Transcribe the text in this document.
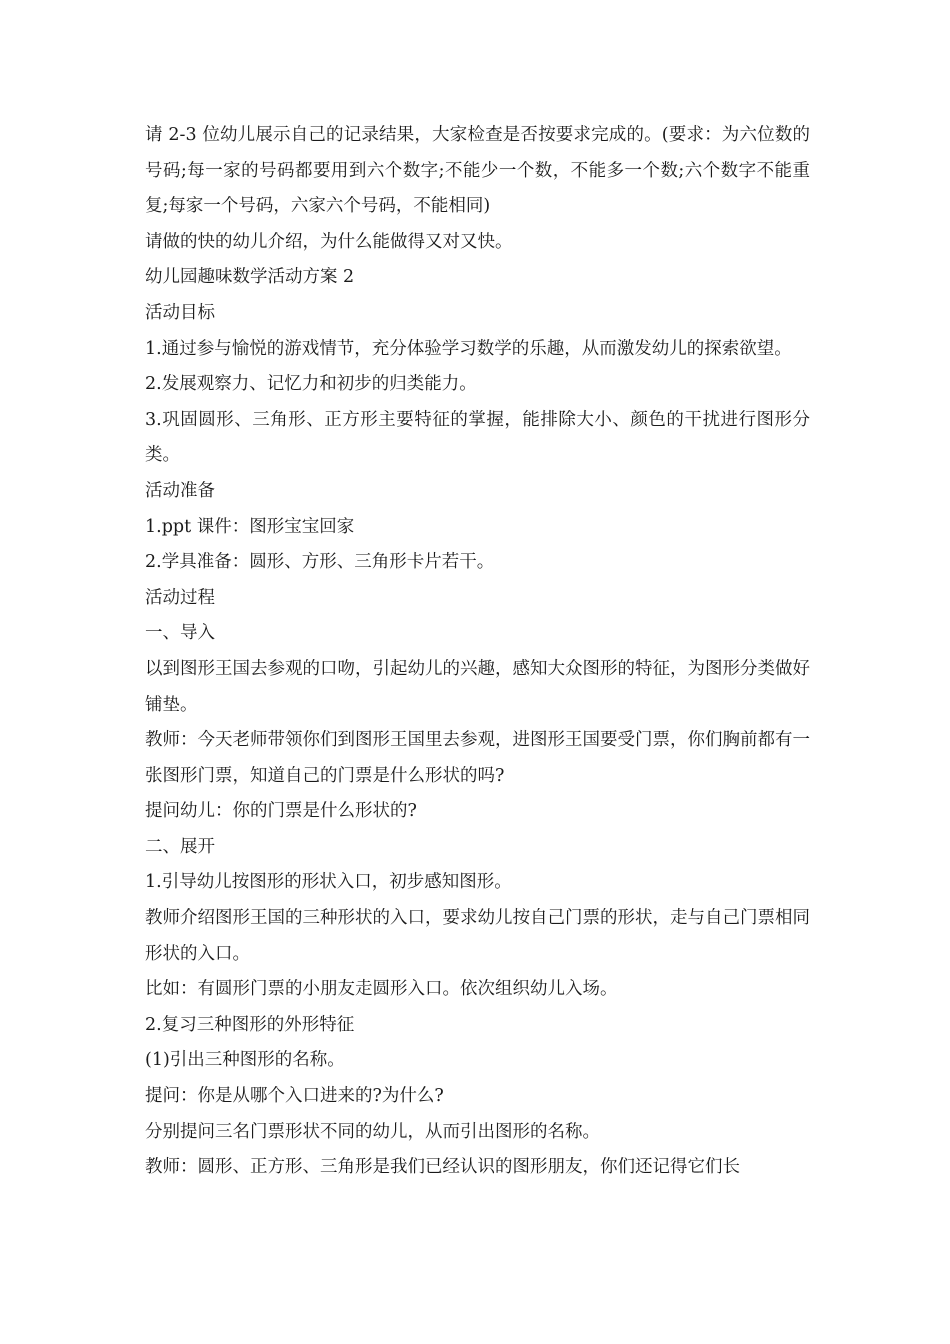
请 2-3 位幼儿展示自己的记录结果，大家检查是否按要求完成的。(要求：为六位数的号码;每一家的号码都要用到六个数字;不能少一个数，不能多一个数;六个数字不能重复;每家一个号码，六家六个号码，不能相同)

请做的快的幼儿介绍，为什么能做得又对又快。

幼儿园趣味数学活动方案 2

活动目标

1.通过参与愉悦的游戏情节，充分体验学习数学的乐趣，从而激发幼儿的探索欲望。

2.发展观察力、记忆力和初步的归类能力。

3.巩固圆形、三角形、正方形主要特征的掌握，能排除大小、颜色的干扰进行图形分类。

活动准备

1.ppt 课件：图形宝宝回家

2.学具准备：圆形、方形、三角形卡片若干。

活动过程

一、导入

以到图形王国去参观的口吻，引起幼儿的兴趣，感知大众图形的特征，为图形分类做好铺垫。

教师：今天老师带领你们到图形王国里去参观，进图形王国要受门票，你们胸前都有一张图形门票，知道自己的门票是什么形状的吗?

提问幼儿：你的门票是什么形状的?

二、展开

1.引导幼儿按图形的形状入口，初步感知图形。

教师介绍图形王国的三种形状的入口，要求幼儿按自己门票的形状，走与自己门票相同形状的入口。

比如：有圆形门票的小朋友走圆形入口。依次组织幼儿入场。

2.复习三种图形的外形特征

(1)引出三种图形的名称。

提问：你是从哪个入口进来的?为什么?

分别提问三名门票形状不同的幼儿，从而引出图形的名称。

教师：圆形、正方形、三角形是我们已经认识的图形朋友，你们还记得它们长
